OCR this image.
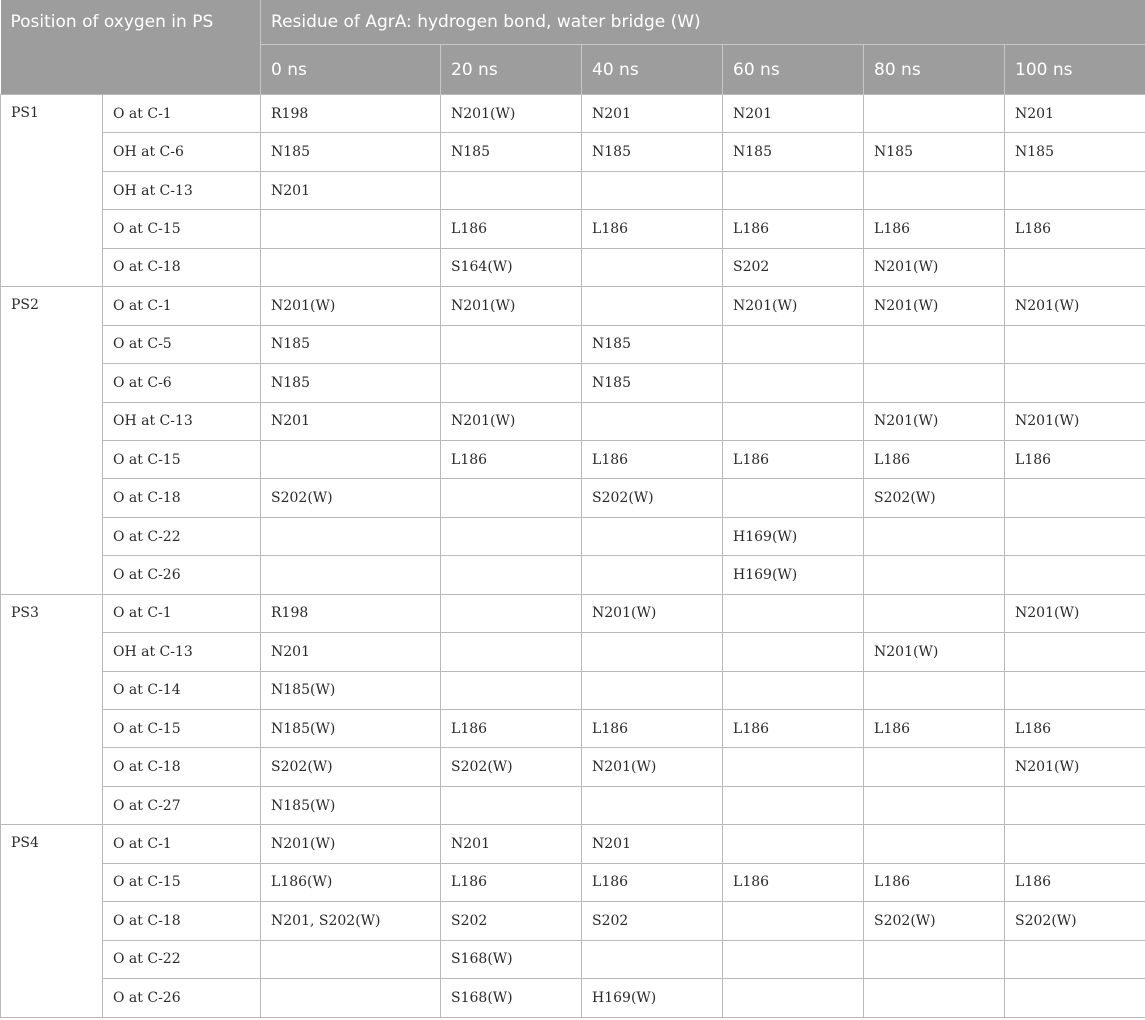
Position of oxygen in PS		Residue of AgrA: hydrogen bond, water bridge (W)					
		0 ns	20 ns	40 ns	60 ns	80 ns	100 ns
PS1	O at C-1	R198	N201(W)	N201	N201		N201
	OH at C-6	N185	N185	N185	N185	N185	N185
	OH at C-13	N201					
	O at C-15		L186	L186	L186	L186	L186
	O at C-18		S164(W)		S202	N201(W)	
PS2	O at C-1	N201(W)	N201(W)		N201(W)	N201(W)	N201(W)
	O at C-5	N185		N185			
	O at C-6	N185		N185			
	OH at C-13	N201	N201(W)			N201(W)	N201(W)
	O at C-15		L186	L186	L186	L186	L186
	O at C-18	S202(W)		S202(W)		S202(W)	
	O at C-22				H169(W)		
	O at C-26				H169(W)		
PS3	O at C-1	R198		N201(W)			N201(W)
	OH at C-13	N201				N201(W)	
	O at C-14	N185(W)					
	O at C-15	N185(W)	L186	L186	L186	L186	L186
	O at C-18	S202(W)	S202(W)	N201(W)			N201(W)
	O at C-27	N185(W)					
PS4	O at C-1	N201(W)	N201	N201			
	O at C-15	L186(W)	L186	L186	L186	L186	L186
	O at C-18	N201, S202(W)	S202	S202		S202(W)	S202(W)
	O at C-22		S168(W)				
	O at C-26		S168(W)	H169(W)			
